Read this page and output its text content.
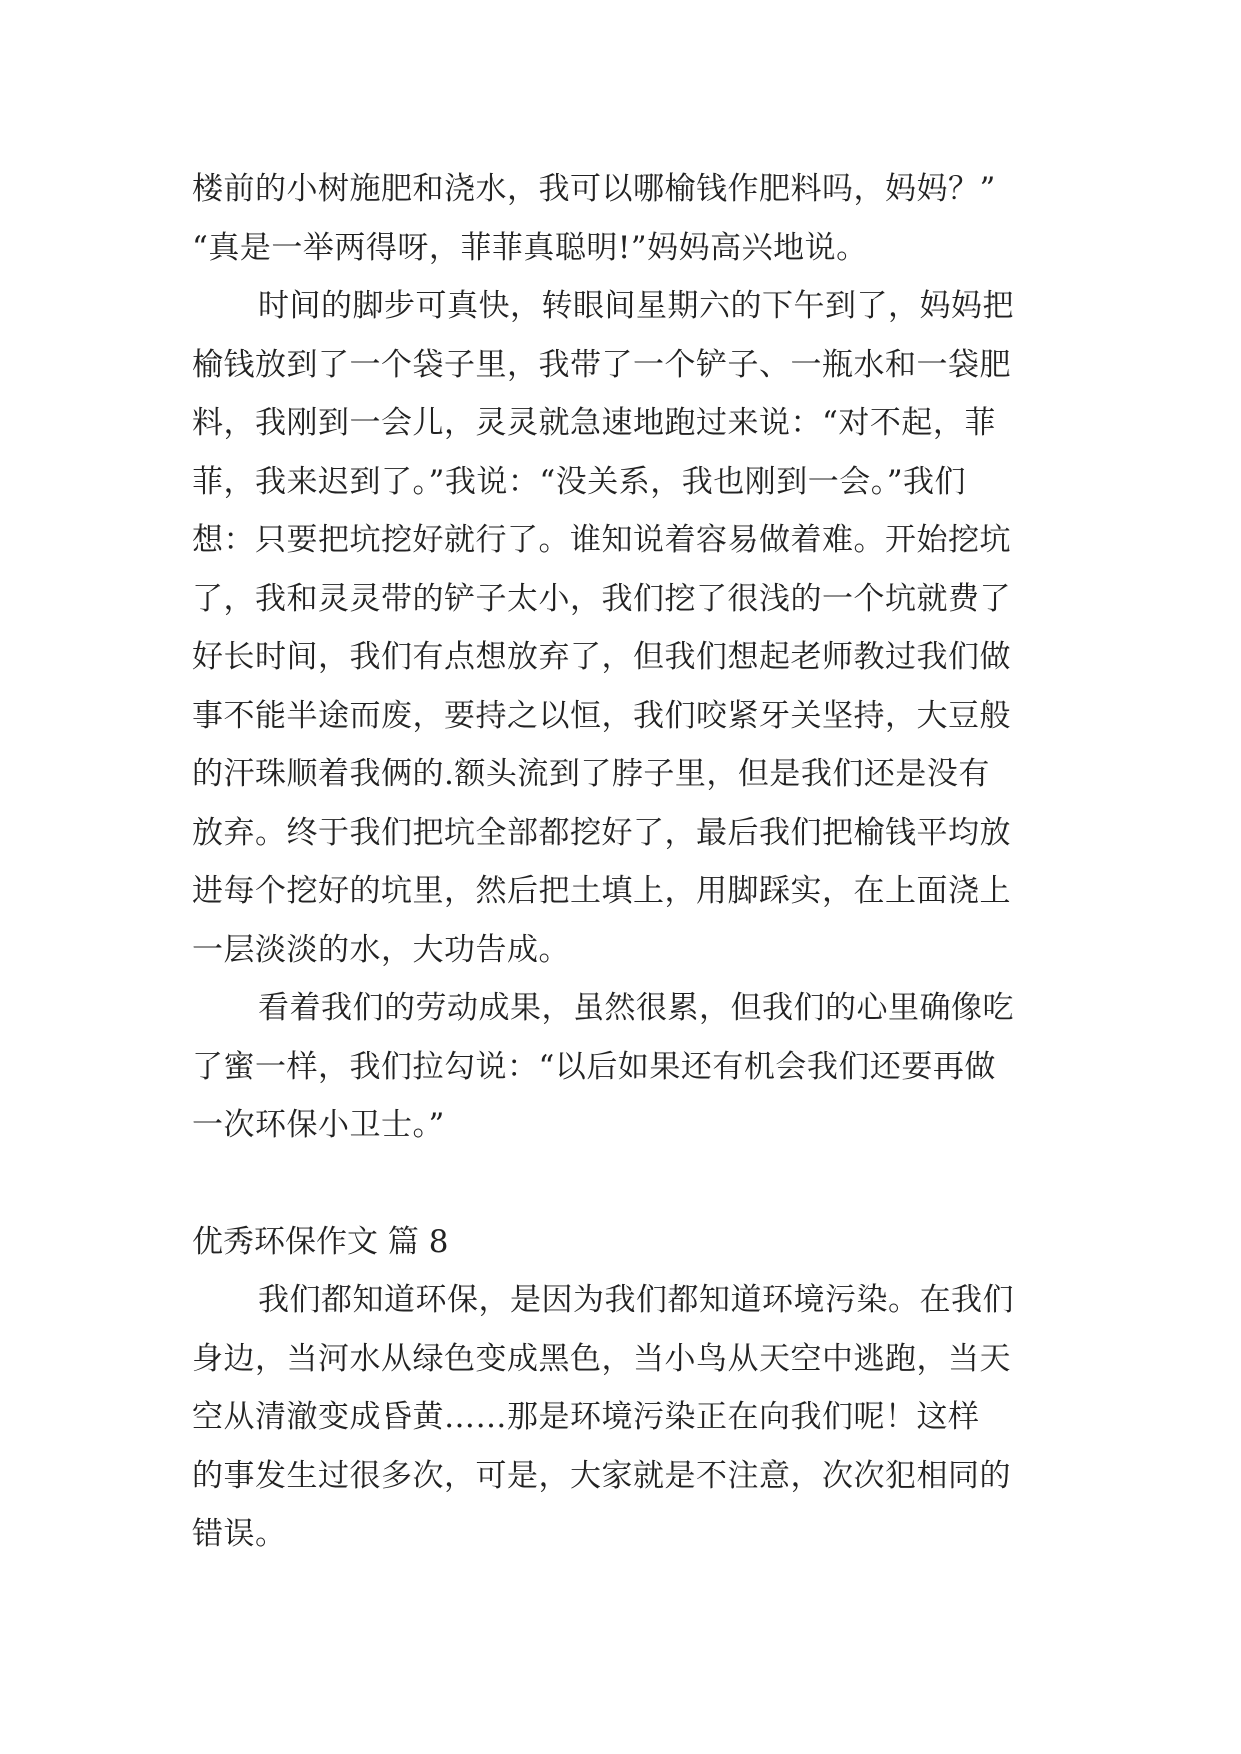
楼前的小树施肥和浇水，我可以哪榆钱作肥料吗，妈妈？”
“真是一举两得呀，菲菲真聪明!”妈妈高兴地说。
时间的脚步可真快，转眼间星期六的下午到了，妈妈把
榆钱放到了一个袋子里，我带了一个铲子、一瓶水和一袋肥
料，我刚到一会儿，灵灵就急速地跑过来说：“对不起，菲
菲，我来迟到了。”我说：“没关系，我也刚到一会。”我们
想：只要把坑挖好就行了。谁知说着容易做着难。开始挖坑
了，我和灵灵带的铲子太小，我们挖了很浅的一个坑就费了
好长时间，我们有点想放弃了，但我们想起老师教过我们做
事不能半途而废，要持之以恒，我们咬紧牙关坚持，大豆般
的汗珠顺着我俩的.额头流到了脖子里，但是我们还是没有
放弃。终于我们把坑全部都挖好了，最后我们把榆钱平均放
进每个挖好的坑里，然后把土填上，用脚踩实，在上面浇上
一层淡淡的水，大功告成。
看着我们的劳动成果，虽然很累，但我们的心里确像吃
了蜜一样，我们拉勾说：“以后如果还有机会我们还要再做
一次环保小卫士。”
优秀环保作文 篇 8
我们都知道环保，是因为我们都知道环境污染。在我们
身边，当河水从绿色变成黑色，当小鸟从天空中逃跑，当天
空从清澈变成昏黄……那是环境污染正在向我们呢！这样
的事发生过很多次，可是，大家就是不注意，次次犯相同的
错误。
